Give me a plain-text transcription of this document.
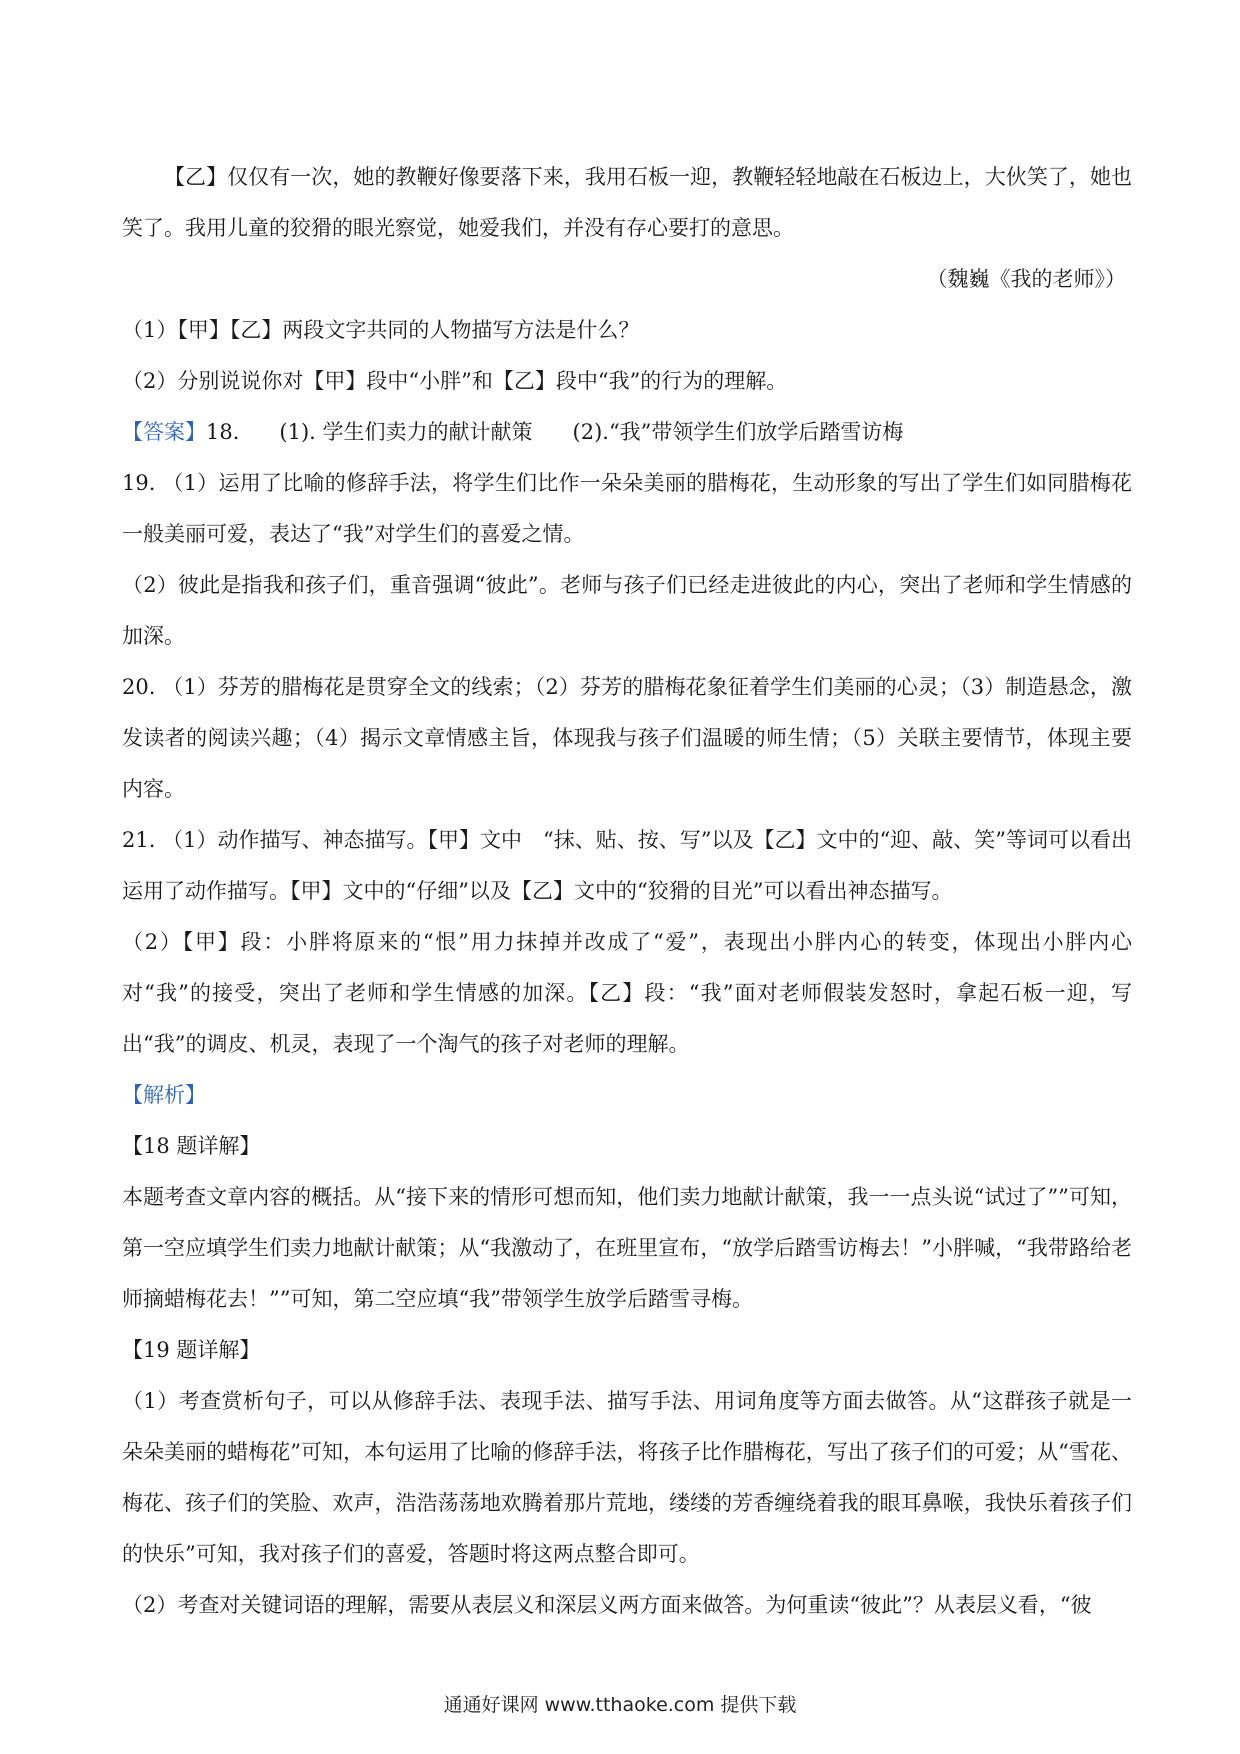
【乙】仅仅有一次，她的教鞭好像要落下来，我用石板一迎，教鞭轻轻地敲在石板边上，大伙笑了，她也笑了。我用儿童的狡猾的眼光察觉，她爱我们，并没有存心要打的意思。

（魏巍《我的老师》）

（1）【甲】【乙】两段文字共同的人物描写方法是什么？

（2）分别说说你对【甲】段中“小胖”和【乙】段中“我”的行为的理解。

【答案】18. (1). 学生们卖力的献计献策 (2).“我”带领学生们放学后踏雪访梅

19. （1）运用了比喻的修辞手法，将学生们比作一朵朵美丽的腊梅花，生动形象的写出了学生们如同腊梅花一般美丽可爱，表达了“我”对学生们的喜爱之情。

（2）彼此是指我和孩子们，重音强调“彼此”。老师与孩子们已经走进彼此的内心，突出了老师和学生情感的加深。

20. （1）芬芳的腊梅花是贯穿全文的线索；（2）芬芳的腊梅花象征着学生们美丽的心灵；（3）制造悬念，激发读者的阅读兴趣；（4）揭示文章情感主旨，体现我与孩子们温暖的师生情；（5）关联主要情节，体现主要内容。

21. （1）动作描写、神态描写。【甲】文中　“抹、贴、按、写”以及【乙】文中的“迎、敲、笑”等词可以看出运用了动作描写。【甲】文中的“仔细”以及【乙】文中的“狡猾的目光”可以看出神态描写。

（2）【甲】段：小胖将原来的“恨”用力抹掉并改成了“爱”，表现出小胖内心的转变，体现出小胖内心对“我”的接受，突出了老师和学生情感的加深。【乙】段：“我”面对老师假装发怒时，拿起石板一迎，写出“我”的调皮、机灵，表现了一个淘气的孩子对老师的理解。

【解析】

【18 题详解】

本题考查文章内容的概括。从“接下来的情形可想而知，他们卖力地献计献策，我一一点头说“试过了””可知，第一空应填学生们卖力地献计献策；从“我激动了，在班里宣布，“放学后踏雪访梅去！”小胖喊，“我带路给老师摘蜡梅花去！””可知，第二空应填“我”带领学生放学后踏雪寻梅。

【19 题详解】

（1）考查赏析句子，可以从修辞手法、表现手法、描写手法、用词角度等方面去做答。从“这群孩子就是一朵朵美丽的蜡梅花”可知，本句运用了比喻的修辞手法，将孩子比作腊梅花，写出了孩子们的可爱；从“雪花、梅花、孩子们的笑脸、欢声，浩浩荡荡地欢腾着那片荒地，缕缕的芳香缠绕着我的眼耳鼻喉，我快乐着孩子们的快乐”可知，我对孩子们的喜爱，答题时将这两点整合即可。

（2）考查对关键词语的理解，需要从表层义和深层义两方面来做答。为何重读“彼此”？从表层义看，“彼

通通好课网 www.tthaoke.com 提供下载
